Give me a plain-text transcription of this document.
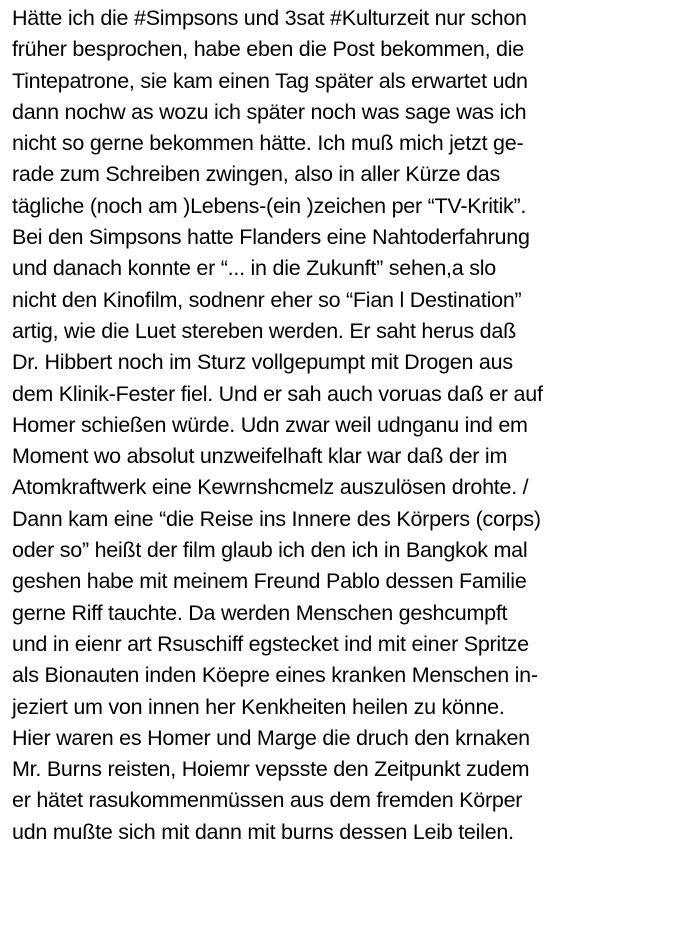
Hätte ich die #Simpsons und 3sat #Kulturzeit nur schon
früher besprochen, habe eben die Post bekommen, die
Tintepatrone, sie kam einen Tag später als erwartet udn
dann nochw as wozu ich später noch was sage was ich
nicht so gerne bekommen hätte. Ich muß mich jetzt ge-
rade zum Schreiben zwingen, also in aller Kürze das
tägliche (noch am )Lebens-(ein )zeichen per “TV-Kritik”.
Bei den Simpsons hatte Flanders eine Nahtoderfahrung
und danach konnte er “... in die Zukunft” sehen,a slo
nicht den Kinofilm, sodnenr eher so “Fian l Destination”
artig, wie die Luet stereben werden. Er saht herus daß
Dr. Hibbert noch im Sturz vollgepumpt mit Drogen aus
dem Klinik-Fester fiel. Und er sah auch voruas daß er auf
Homer schießen würde. Udn zwar weil udnganu ind em
Moment wo absolut unzweifelhaft klar war daß der im
Atomkraftwerk eine Kewrnshcmelz auszulösen drohte. /
Dann kam eine “die Reise ins Innere des Körpers (corps)
oder so” heißt der film glaub ich den ich in Bangkok mal
geshen habe mit meinem Freund Pablo dessen Familie
gerne Riff tauchte. Da werden Menschen geshcumpft
und in eienr art Rsuschiff egstecket ind mit einer Spritze
als Bionauten inden Köepre eines kranken Menschen in-
jeziert um von innen her Kenkheiten heilen zu könne.
Hier waren es Homer und Marge die druch den krnaken
Mr. Burns reisten, Hoiemr vepsste den Zeitpunkt zudem
er hätet rasukommenmüssen aus dem fremden Körper
udn mußte sich mit dann mit burns dessen Leib teilen.
